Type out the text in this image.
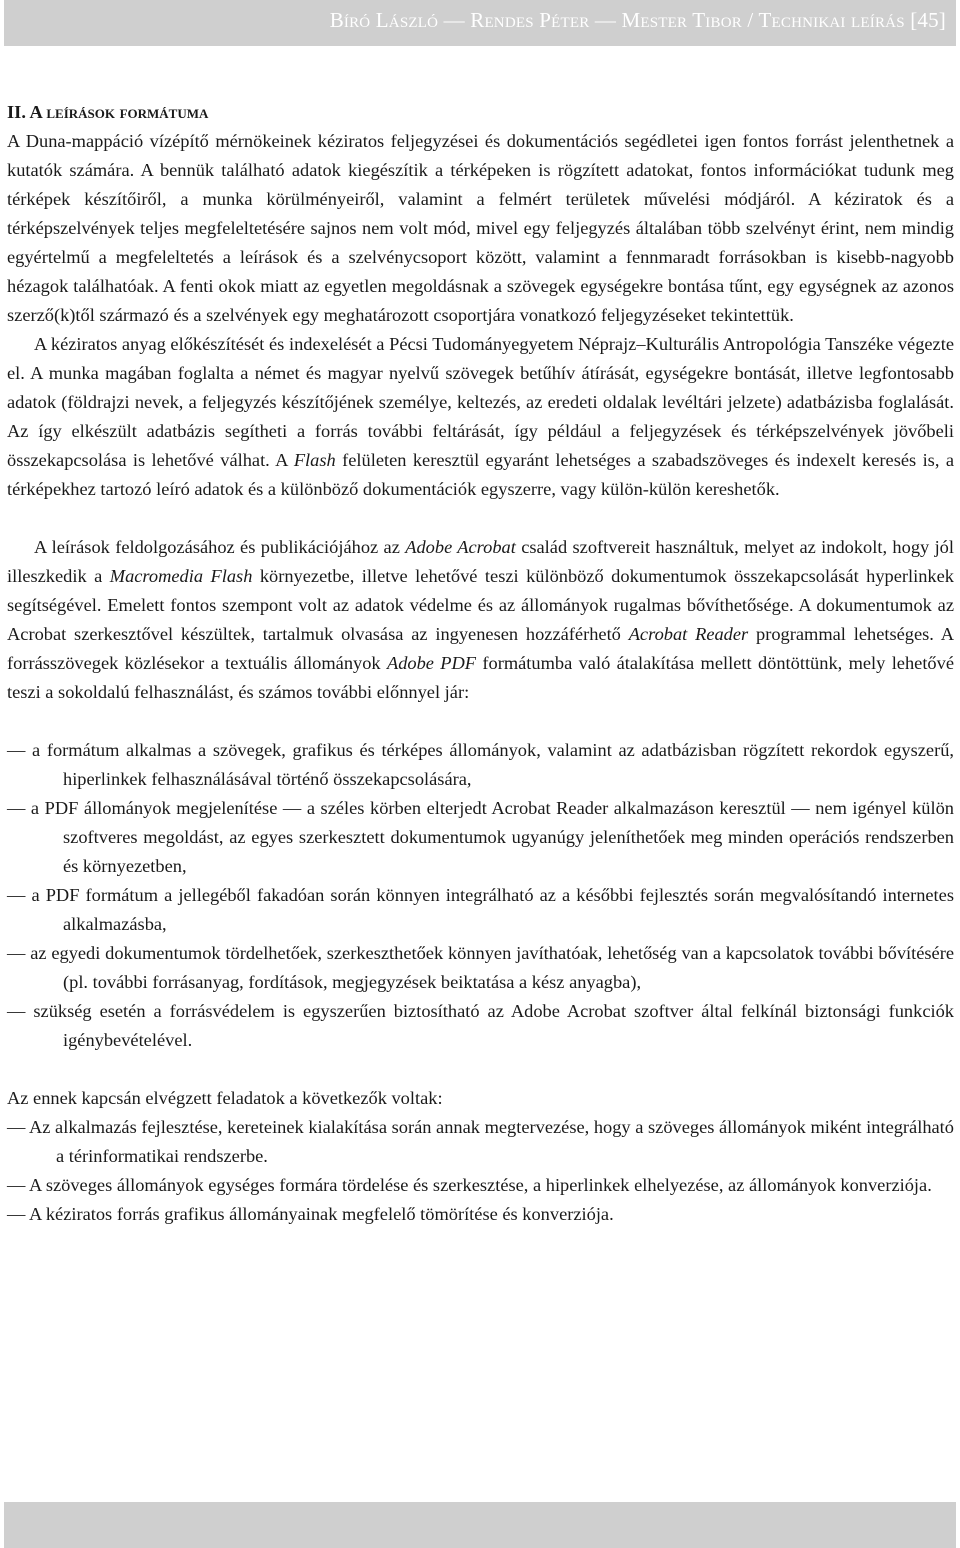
Bíró László — Rendes Péter — Mester Tibor / Technikai leírás [45]

II. A leírások formátuma

A Duna-mappáció vízépítő mérnökeinek kéziratos feljegyzései és dokumentációs segédletei igen fontos forrást jelenthetnek a kutatók számára. A bennük található adatok kiegészítik a térképeken is rögzített adatokat, fontos információkat tudunk meg térképek készítőiről, a munka körülményeiről, valamint a felmért területek művelési módjáról. A kéziratok és a térképszelvények teljes megfeleltetésére sajnos nem volt mód, mivel egy feljegyzés általában több szelvényt érint, nem mindig egyértelmű a megfeleltetés a leírások és a szelvénycsoport között, valamint a fennmaradt forrásokban is kisebb-nagyobb hézagok találhatóak. A fenti okok miatt az egyetlen megoldásnak a szövegek egységekre bontása tűnt, egy egységnek az azonos szerző(k)től származó és a szelvények egy meghatározott csoportjára vonatkozó feljegyzéseket tekintettük.

A kéziratos anyag előkészítését és indexelését a Pécsi Tudományegyetem Néprajz–Kulturális Antropológia Tanszéke végezte el. A munka magában foglalta a német és magyar nyelvű szövegek betűhív átírását, egységekre bontását, illetve legfontosabb adatok (földrajzi nevek, a feljegyzés készítőjének személye, keltezés, az eredeti oldalak levéltári jelzete) adatbázisba foglalását. Az így elkészült adatbázis segítheti a forrás további feltárását, így például a feljegyzések és térképszelvények jövőbeli összekapcsolása is lehetővé válhat. A Flash felületen keresztül egyaránt lehetséges a szabadszöveges és indexelt keresés is, a térképekhez tartozó leíró adatok és a különböző dokumentációk egyszerre, vagy külön-külön kereshetők.

A leírások feldolgozásához és publikációjához az Adobe Acrobat család szoftvereit használtuk, melyet az indokolt, hogy jól illeszkedik a Macromedia Flash környezetbe, illetve lehetővé teszi különböző dokumentumok összekapcsolását hyperlinkek segítségével. Emelett fontos szempont volt az adatok védelme és az állományok rugalmas bővíthetősége. A dokumentumok az Acrobat szerkesztővel készültek, tartalmuk olvasása az ingyenesen hozzáférhető Acrobat Reader programmal lehetséges. A forrásszövegek közlésekor a textuális állományok Adobe PDF formátumba való átalakítása mellett döntöttünk, mely lehetővé teszi a sokoldalú felhasználást, és számos további előnnyel jár:

— a formátum alkalmas a szövegek, grafikus és térképes állományok, valamint az adatbázisban rögzített rekordok egyszerű, hiperlinkek felhasználásával történő összekapcsolására,
— a PDF állományok megjelenítése — a széles körben elterjedt Acrobat Reader alkalmazáson keresztül — nem igényel külön szoftveres megoldást, az egyes szerkesztett dokumentumok ugyanúgy jeleníthetőek meg minden operációs rendszerben és környezetben,
— a PDF formátum a jellegéből fakadóan során könnyen integrálható az a későbbi fejlesztés során megvalósítandó internetes alkalmazásba,
— az egyedi dokumentumok tördelhetőek, szerkeszthetőek könnyen javíthatóak, lehetőség van a kapcsolatok további bővítésére (pl. további forrásanyag, fordítások, megjegyzések beiktatása a kész anyagba),
— szükség esetén a forrásvédelem is egyszerűen biztosítható az Adobe Acrobat szoftver által felkínál biztonsági funkciók igénybevételével.

Az ennek kapcsán elvégzett feladatok a következők voltak:

— Az alkalmazás fejlesztése, kereteinek kialakítása során annak megtervezése, hogy a szöveges állományok miként integrálható a térinformatikai rendszerbe.
— A szöveges állományok egységes formára tördelése és szerkesztése, a hiperlinkek elhelyezése, az állományok konverziója.
— A kéziratos forrás grafikus állományainak megfelelő tömörítése és konverziója.
